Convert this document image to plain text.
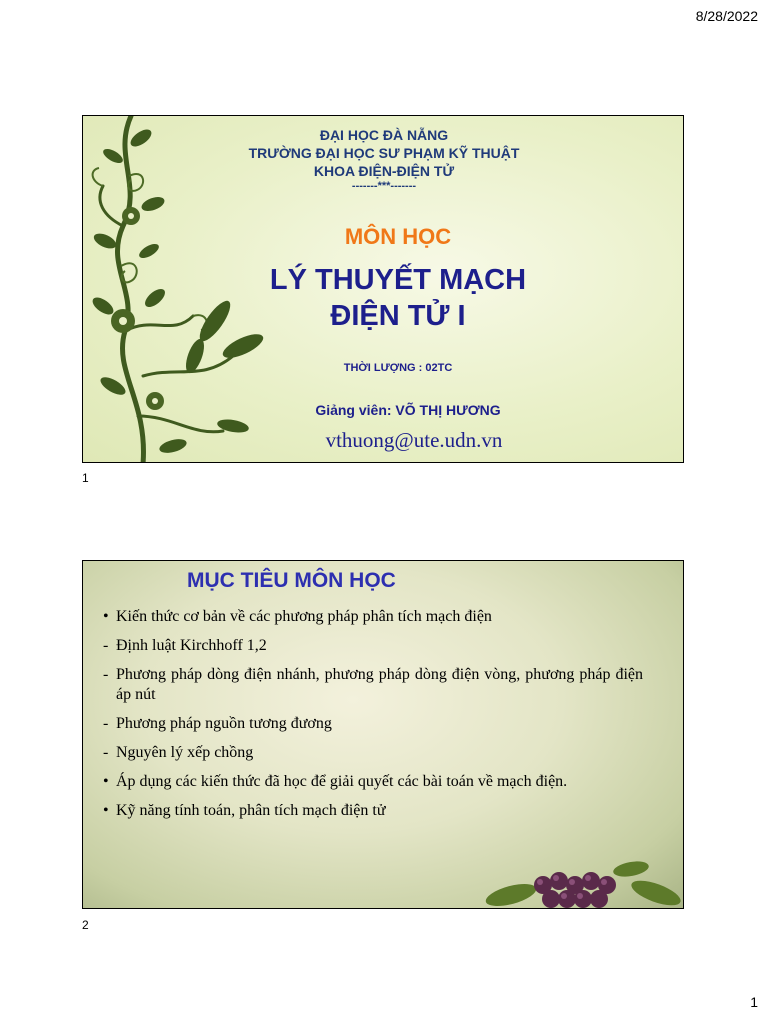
8/28/2022
ĐẠI HỌC ĐÀ NẴNG
TRƯỜNG ĐẠI HỌC SƯ PHẠM KỸ THUẬT
KHOA ĐIỆN-ĐIỆN TỬ
-------***-------
MÔN HỌC
LÝ THUYẾT MẠCH
ĐIỆN TỬ I
THỜI LƯỢNG : 02TC
Giảng viên: VÕ THỊ HƯƠNG
vthuong@ute.udn.vn
1
MỤC TIÊU MÔN HỌC
• Kiến thức cơ bản về các phương pháp phân tích mạch điện
- Định luật Kirchhoff 1,2
- Phương pháp dòng điện nhánh, phương pháp dòng điện vòng, phương pháp điện áp nút
- Phương pháp nguồn tương đương
- Nguyên lý xếp chồng
• Áp dụng các kiến thức đã học để giải quyết các bài toán về mạch điện.
• Kỹ năng tính toán, phân tích mạch điện tử
2
1
